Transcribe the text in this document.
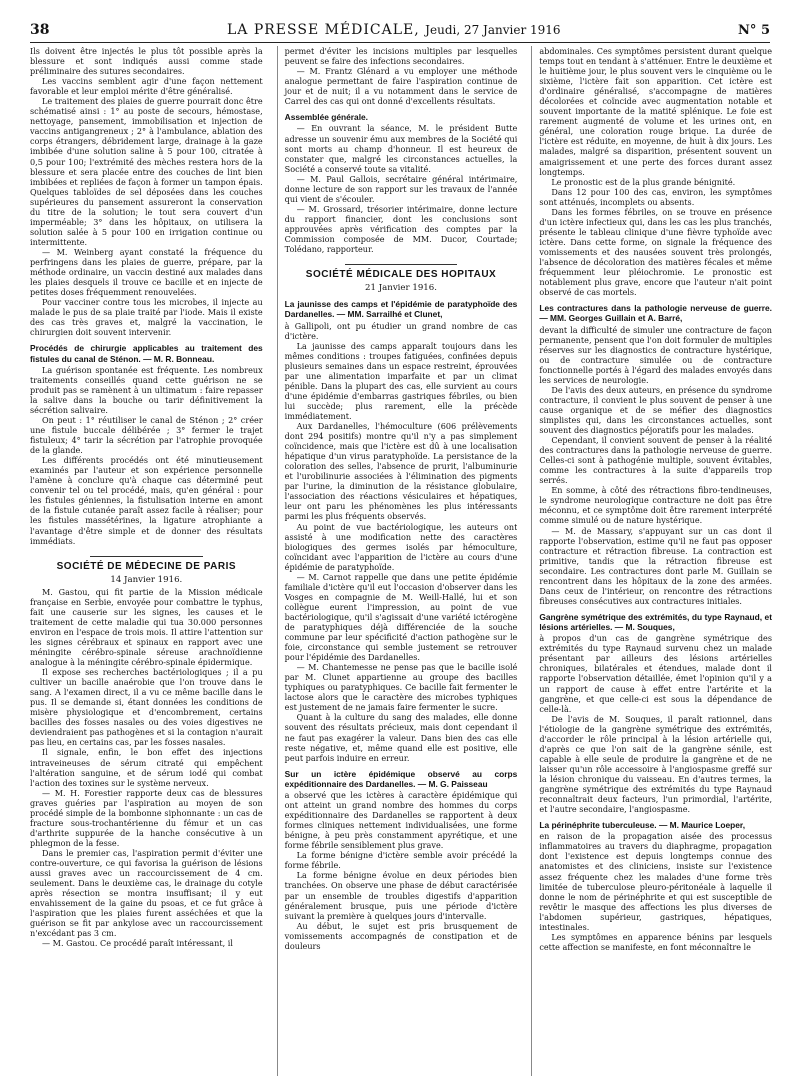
38	LA PRESSE MÉDICALE, Jeudi, 27 Janvier 1916	N° 5

Ils doivent être injectés le plus tôt possible après la blessure et sont indiqués aussi comme stade préliminaire des sutures secondaires.

Les vaccins semblent agir d'une façon nettement favorable et leur emploi mérite d'être généralisé.

Le traitement des plaies de guerre pourrait donc être schématisé ainsi : 1° au poste de secours, hémostase, nettoyage, pansement, immobilisation et injection de vaccins antigangreneux ; 2° à l'ambulance, ablation des corps étrangers, débridement large, drainage à la gaze imbibée d'une solution saline à 5 pour 100, citratée à 0,5 pour 100; l'extrémité des mèches restera hors de la blessure et sera placée entre des couches de lint bien imbibées et repliées de façon à former un tampon épais. Quelques tabloïdes de sel déposées dans les couches supérieures du pansement assureront la conservation du titre de la solution; le tout sera couvert d'un imperméable; 3° dans les hôpitaux, on utilisera la solution salée à 5 pour 100 en irrigation continue ou intermittente.

— M. Weinberg ayant constaté la fréquence du perfringens dans les plaies de guerre, prépare, par la méthode ordinaire, un vaccin destiné aux malades dans les plaies desquels il trouve ce bacille et en injecte de petites doses fréquemment renouvelées.

Pour vacciner contre tous les microbes, il injecte au malade le pus de sa plaie traité par l'iode. Mais il existe des cas très graves et, malgré la vaccination, le chirurgien doit souvent intervenir.

Procédés de chirurgie applicables au traitement des fistules du canal de Sténon. — M. R. Bonneau.

La guérison spontanée est fréquente. Les nombreux traitements conseillés quand cette guérison ne se produit pas se ramènent à un ultimatum : faire repasser la salive dans la bouche ou tarir définitivement la sécrétion salivaire.

On peut : 1° réutiliser le canal de Sténon ; 2° créer une fistule buccale délibérée ; 3° fermer le trajet fistuleux; 4° tarir la sécrétion par l'atrophie provoquée de la glande.

Les différents procédés ont été minutieusement examinés par l'auteur et son expérience personnelle l'amène à conclure qu'à chaque cas déterminé peut convenir tel ou tel procédé, mais, qu'en général : pour les fistules géniennes, la fistulisation interne en amont de la fistule cutanée paraît assez facile à réaliser; pour les fistules massétérines, la ligature atrophiante a l'avantage d'être simple et de donner des résultats immédiats.

SOCIÉTÉ DE MÉDECINE DE PARIS
14 Janvier 1916.

M. Gastou, qui fit partie de la Mission médicale française en Serbie, envoyée pour combattre le typhus, fait une causerie sur les signes, les causes et le traitement de cette maladie qui tua 30.000 personnes environ en l'espace de trois mois. Il attire l'attention sur les signes cérébraux et spinaux en rapport avec une méningite cérébro-spinale séreuse arachnoïdienne analogue à la méningite cérébro-spinale épidermique.

Il expose ses recherches bactériologiques ; il a pu cultiver un bacille anaérobie que l'on trouve dans le sang. A l'examen direct, il a vu ce même bacille dans le pus. Il se demande si, étant données les conditions de misère physiologique et d'encombrement, certains bacilles des fosses nasales ou des voies digestives ne deviendraient pas pathogènes et si la contagion n'aurait pas lieu, en certains cas, par les fosses nasales.

Il signale, enfin, le bon effet des injections intraveineuses de sérum citraté qui empêchent l'altération sanguine, et de sérum iodé qui combat l'action des toxines sur le système nerveux.

— M. H. Forestier rapporte deux cas de blessures graves guéries par l'aspiration au moyen de son procédé simple de la bombonne siphonnante : un cas de fracture sous-trochantérienne du fémur et un cas d'arthrite suppurée de la hanche consécutive à un phlegmon de la fesse.

Dans le premier cas, l'aspiration permit d'éviter une contre-ouverture, ce qui favorisa la guérison de lésions aussi graves avec un raccourcissement de 4 cm. seulement. Dans le deuxième cas, le drainage du cotyle après résection se montra insuffisant; il y eut envahissement de la gaine du psoas, et ce fut grâce à l'aspiration que les plaies furent asséchées et que la guérison se fit par ankylose avec un raccourcissement n'excédant pas 3 cm.

— M. Gastou. Ce procédé paraît intéressant, il

permet d'éviter les incisions multiples par lesquelles peuvent se faire des infections secondaires.

— M. Frantz Glénard a vu employer une méthode analogue permettant de faire l'aspiration continue de jour et de nuit; il a vu notamment dans le service de Carrel des cas qui ont donné d'excellents résultats.

Assemblée générale.

— En ouvrant la séance, M. le président Butte adresse un souvenir ému aux membres de la Société qui sont morts au champ d'honneur. Il est heureux de constater que, malgré les circonstances actuelles, la Société a conservé toute sa vitalité.

— M. Paul Gallois, secrétaire général intérimaire, donne lecture de son rapport sur les travaux de l'année qui vient de s'écouler.

— M. Grossard, trésorier intérimaire, donne lecture du rapport financier, dont les conclusions sont approuvées après vérification des comptes par la Commission composée de MM. Ducor, Courtade; Tolédano, rapporteur.

SOCIÉTÉ MÉDICALE DES HOPITAUX
21 Janvier 1916.
La jaunisse des camps et l'épidémie de paratyphoïde des Dardanelles. — MM. Sarrailhé et Clunet,

à Gallipoli, ont pu étudier un grand nombre de cas d'ictère.

La jaunisse des camps apparaît toujours dans les mêmes conditions : troupes fatiguées, confinées depuis plusieurs semaines dans un espace restreint, éprouvées par une alimentation imparfaite et par un climat pénible. Dans la plupart des cas, elle survient au cours d'une épidémie d'embarras gastriques fébriles, ou bien lui succède; plus rarement, elle la précède immédiatement.

Aux Dardanelles, l'hémoculture (606 prélèvements dont 294 positifs) montre qu'il n'y a pas simplement coïncidence, mais que l'ictère est dû à une localisation hépatique d'un virus paratyphoïde. La persistance de la coloration des selles, l'absence de prurit, l'albuminurie et l'urobilinurie associées à l'élimination des pigments par l'urine, la diminution de la résistance globulaire, l'association des réactions vésiculaires et hépatiques, leur ont paru les phénomènes les plus intéressants parmi les plus fréquents observés.

Au point de vue bactériologique, les auteurs ont assisté à une modification nette des caractères biologiques des germes isolés par hémoculture, coïncidant avec l'apparition de l'ictère au cours d'une épidémie de paratyphoïde.

— M. Carnot rappelle que dans une petite épidémie familiale d'ictère qu'il eut l'occasion d'observer dans les Vosges en compagnie de M. Weill-Hallé, lui et son collègue eurent l'impression, au point de vue bactériologique, qu'il s'agissait d'une variété ictérogène de paratyphiques déjà différenciée de la souche commune par leur spécificité d'action pathogène sur le foie, circonstance qui semble justement se retrouver pour l'épidémie des Dardanelles.

— M. Chantemesse ne pense pas que le bacille isolé par M. Clunet appartienne au groupe des bacilles typhiques ou paratyphiques. Ce bacille fait fermenter le lactose alors que le caractère des microbes typhiques est justement de ne jamais faire fermenter le sucre.

Quant à la culture du sang des malades, elle donne souvent des résultats précieux, mais dont cependant il ne faut pas exagérer la valeur. Dans bien des cas elle reste négative, et, même quand elle est positive, elle peut parfois induire en erreur.

Sur un ictère épidémique observé au corps expéditionnaire des Dardanelles. — M. G. Paisseau

a observé que les ictères à caractère épidémique qui ont atteint un grand nombre des hommes du corps expéditionnaire des Dardanelles se rapportent à deux formes cliniques nettement individualisées, une forme bénigne, à peu près constamment apyrétique, et une forme fébrile sensiblement plus grave.

La forme bénigne d'ictère semble avoir précédé la forme fébrile.

La forme bénigne évolue en deux périodes bien tranchées. On observe une phase de début caractérisée par un ensemble de troubles digestifs d'apparition généralement brusque, puis une période d'ictère suivant la première à quelques jours d'intervalle.

Au début, le sujet est pris brusquement de vomissements accompagnés de constipation et de douleurs

abdominales. Ces symptômes persistent durant quelque temps tout en tendant à s'atténuer. Entre le deuxième et le huitième jour, le plus souvent vers le cinquième ou le sixième, l'ictère fait son apparition. Cet ictère est d'ordinaire généralisé, s'accompagne de matières décolorées et coïncide avec augmentation notable et souvent importante de la matité splénique. Le foie est rarement augmenté de volume et les urines ont, en général, une coloration rouge brique. La durée de l'ictère est réduite, en moyenne, de huit à dix jours. Les malades, malgré sa disparition, présentent souvent un amaigrissement et une perte des forces durant assez longtemps.

Le pronostic est de la plus grande bénignité.

Dans 12 pour 100 des cas, environ, les symptômes sont atténués, incomplets ou absents.

Dans les formes fébriles, on se trouve en présence d'un ictère infectieux qui, dans les cas les plus tranchés, présente le tableau clinique d'une fièvre typhoïde avec ictère. Dans cette forme, on signale la fréquence des vomissements et des nausées souvent très prolongés, l'absence de décoloration des matières fécales et même fréquemment leur pléiochromie. Le pronostic est notablement plus grave, encore que l'auteur n'ait point observé de cas mortels.

Les contractures dans la pathologie nerveuse de guerre. — MM. Georges Guillain et A. Barré,

devant la difficulté de simuler une contracture de façon permanente, pensent que l'on doit formuler de multiples réserves sur les diagnostics de contracture hystérique, ou de contracture simulée ou de contracture fonctionnelle portés à l'égard des malades envoyés dans les services de neurologie.

De l'avis des deux auteurs, en présence du syndrome contracture, il convient le plus souvent de penser à une cause organique et de se méfier des diagnostics simplistes qui, dans les circonstances actuelles, sont souvent des diagnostics péjoratifs pour les malades.

Cependant, il convient souvent de penser à la réalité des contractures dans la pathologie nerveuse de guerre. Celles-ci sont à pathogénie multiple, souvent évitables, comme les contractures à la suite d'appareils trop serrés.

En somme, à côté des rétractions fibro-tendineuses, le syndrome neurologique contracture ne doit pas être méconnu, et ce symptôme doit être rarement interprété comme simulé ou de nature hystérique.

— M. de Massary, s'appuyant sur un cas dont il rapporte l'observation, estime qu'il ne faut pas opposer contracture et rétraction fibreuse. La contraction est primitive, tandis que la rétraction fibreuse est secondaire. Les contractures dont parle M. Guillain se rencontrent dans les hôpitaux de la zone des armées. Dans ceux de l'intérieur, on rencontre des rétractions fibreuses consécutives aux contractures initiales.

Gangrène symétrique des extrémités, du type Raynaud, et lésions artérielles. — M. Souques,

à propos d'un cas de gangrène symétrique des extrémités du type Raynaud survenu chez un malade présentant par ailleurs des lésions artérielles chroniques, bilatérales et étendues, malade dont il rapporte l'observation détaillée, émet l'opinion qu'il y a un rapport de cause à effet entre l'artérite et la gangrène, et que celle-ci est sous la dépendance de celle-là.

De l'avis de M. Souques, il paraît rationnel, dans l'étiologie de la gangrène symétrique des extrémités, d'accorder le rôle principal à la lésion artérielle qui, d'après ce que l'on sait de la gangrène sénile, est capable à elle seule de produire la gangrène et de ne laisser qu'un rôle accessoire à l'angiospasme greffé sur la lésion chronique du vaisseau. En d'autres termes, la gangrène symétrique des extrémités du type Raynaud reconnaîtrait deux facteurs, l'un primordial, l'artérite, et l'autre secondaire, l'angiospasme.

La périnéphrite tuberculeuse. — M. Maurice Loeper,

en raison de la propagation aisée des processus inflammatoires au travers du diaphragme, propagation dont l'existence est depuis longtemps connue des anatomistes et des cliniciens, insiste sur l'existence assez fréquente chez les malades d'une forme très limitée de tuberculose pleuro-péritonéale à laquelle il donne le nom de périnéphrite et qui est susceptible de revêtir le masque des affections les plus diverses de l'abdomen supérieur, gastriques, hépatiques, intestinales.

Les symptômes en apparence bénins par lesquels cette affection se manifeste, en font méconnaître le
